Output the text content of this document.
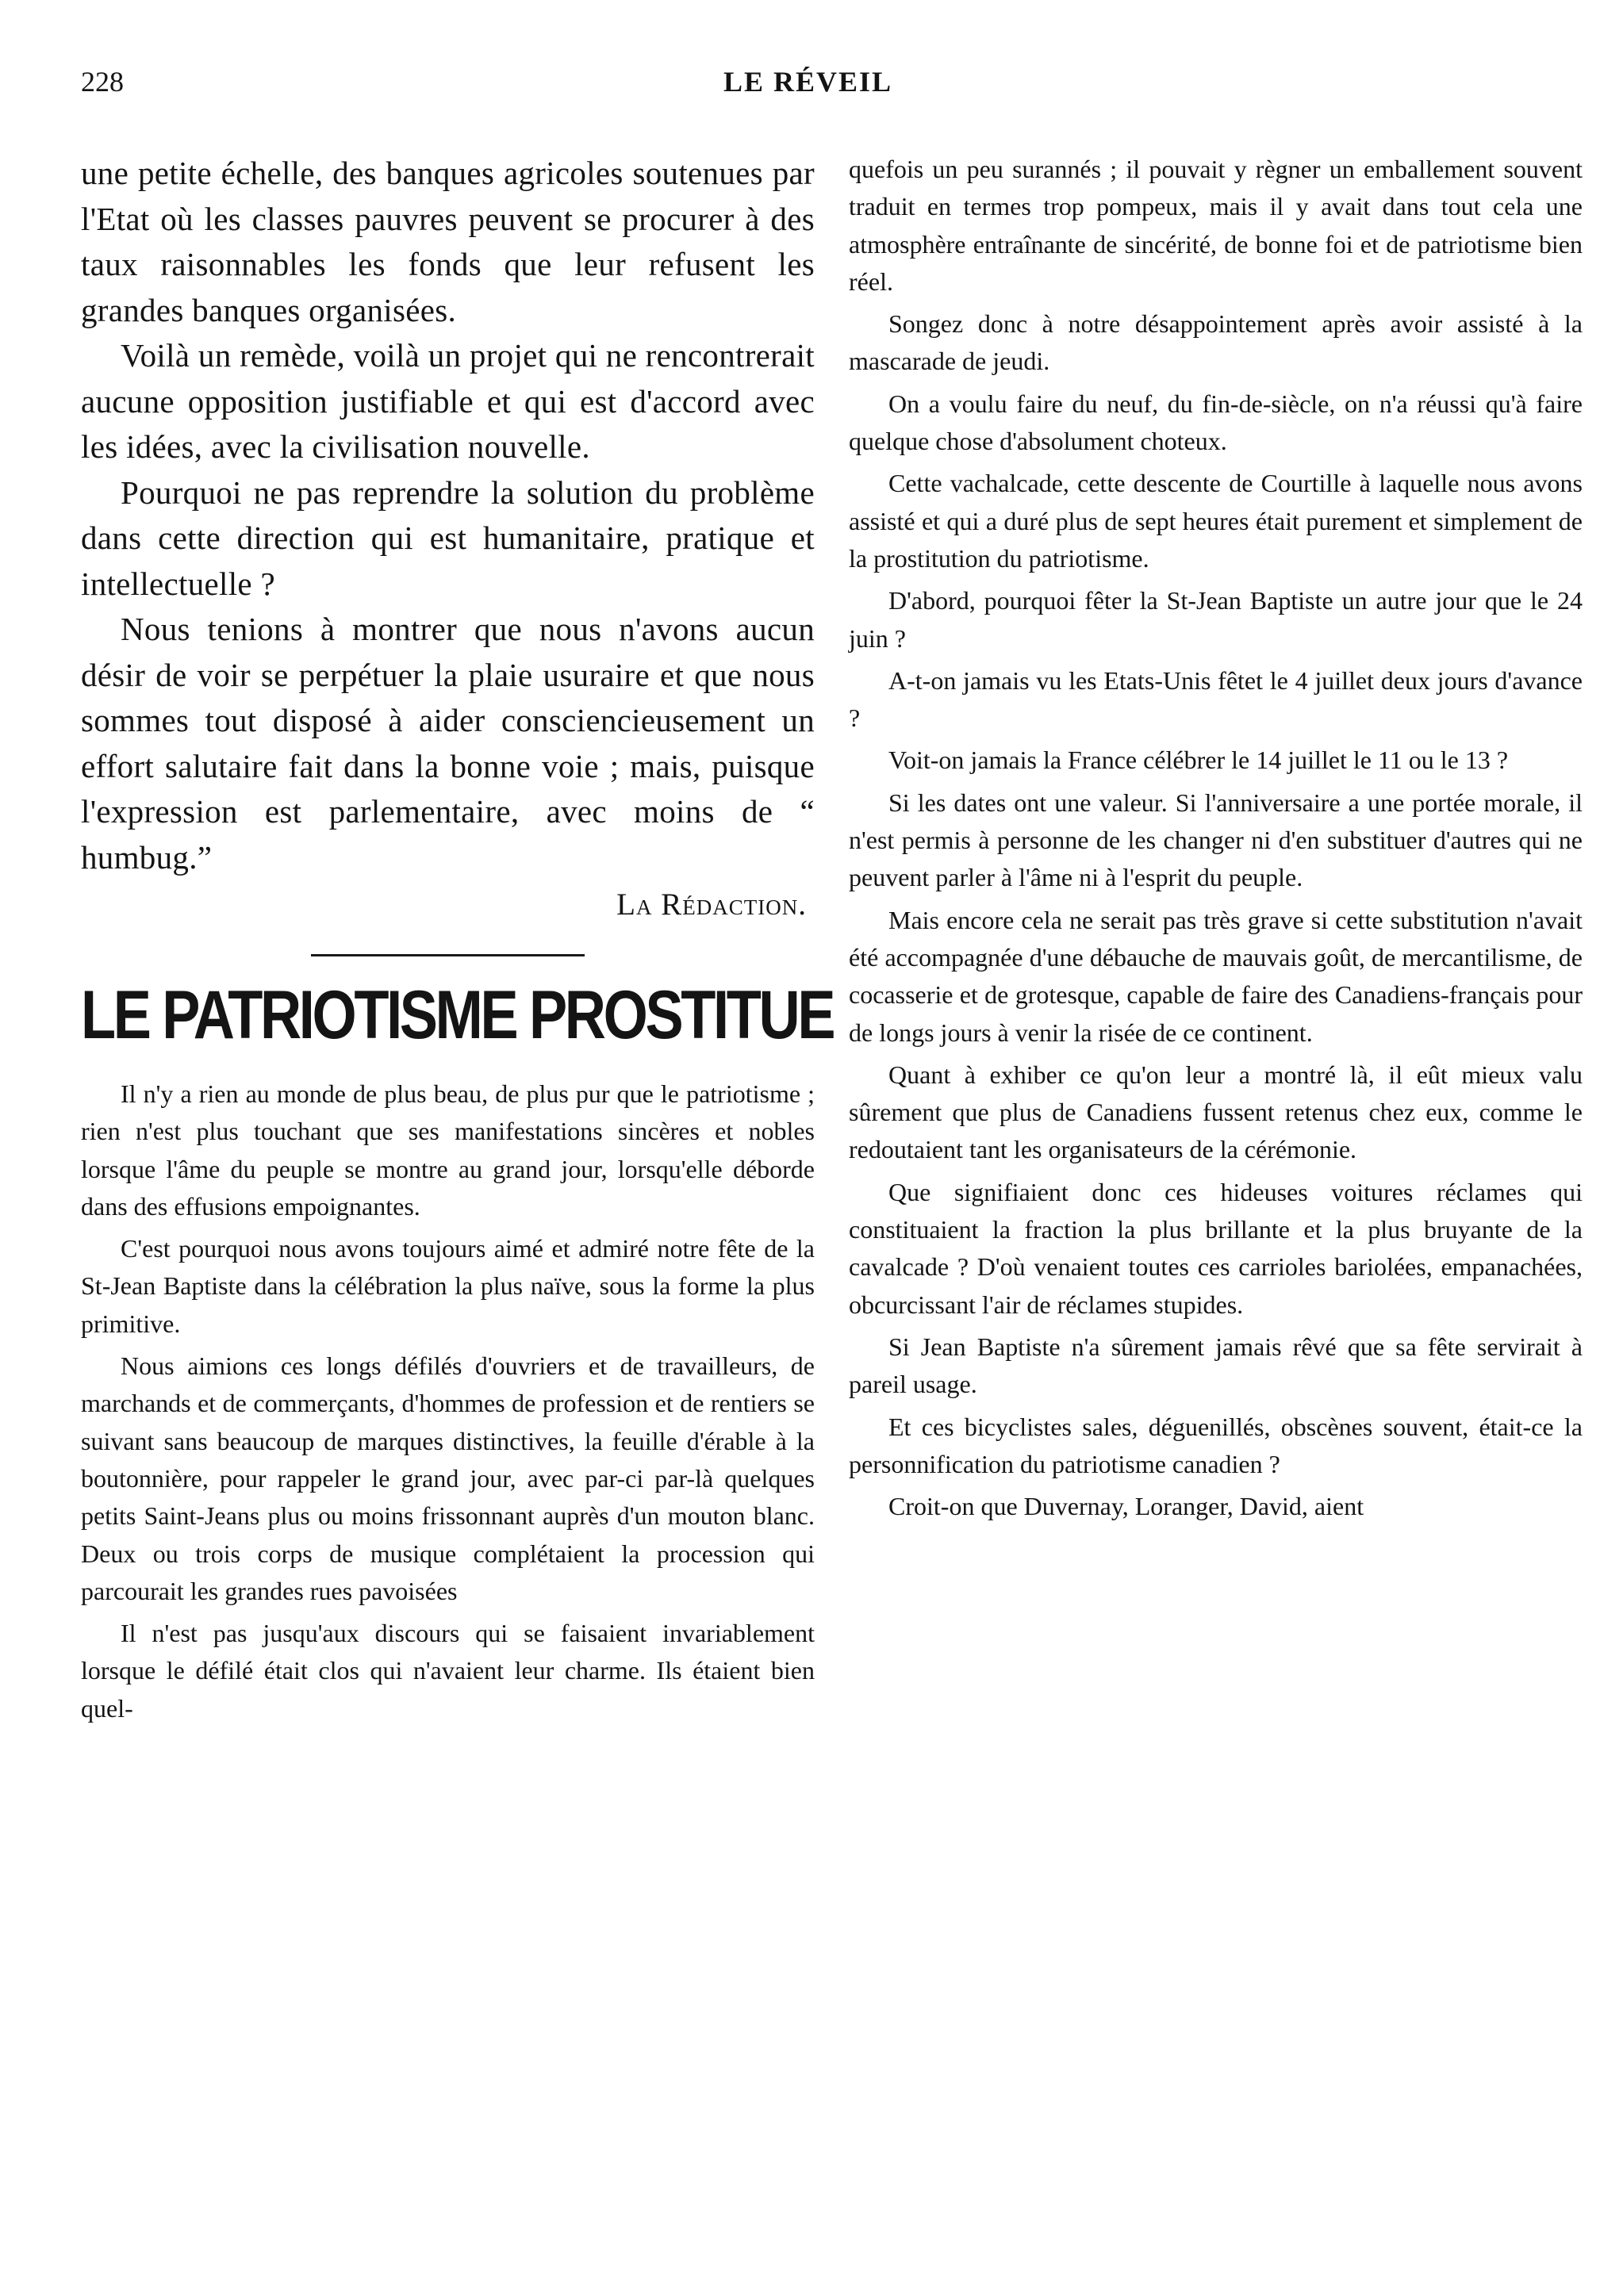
228	LE RÉVEIL

une petite échelle, des banques agricoles soutenues par l'Etat où les classes pauvres peuvent se procurer à des taux raisonnables les fonds que leur refusent les grandes banques organisées.

Voilà un remède, voilà un projet qui ne rencontrerait aucune opposition justifiable et qui est d'accord avec les idées, avec la civilisation nouvelle.

Pourquoi ne pas reprendre la solution du problème dans cette direction qui est humanitaire, pratique et intellectuelle ?

Nous tenions à montrer que nous n'avons aucun désir de voir se perpétuer la plaie usuraire et que nous sommes tout disposé à aider consciencieusement un effort salutaire fait dans la bonne voie ; mais, puisque l'expression est parlementaire, avec moins de “ humbug.”

La Rédaction.

LE PATRIOTISME PROSTITUE

Il n'y a rien au monde de plus beau, de plus pur que le patriotisme ; rien n'est plus touchant que ses manifestations sincères et nobles lorsque l'âme du peuple se montre au grand jour, lorsqu'elle déborde dans des effusions empoignantes.

C'est pourquoi nous avons toujours aimé et admiré notre fête de la St-Jean Baptiste dans la célébration la plus naïve, sous la forme la plus primitive.

Nous aimions ces longs défilés d'ouvriers et de travailleurs, de marchands et de commerçants, d'hommes de profession et de rentiers se suivant sans beaucoup de marques distinctives, la feuille d'érable à la boutonnière, pour rappeler le grand jour, avec par-ci par-là quelques petits Saint-Jeans plus ou moins frissonnant auprès d'un mouton blanc. Deux ou trois corps de musique complétaient la procession qui parcourait les grandes rues pavoisées

Il n'est pas jusqu'aux discours qui se faisaient invariablement lorsque le défilé était clos qui n'avaient leur charme. Ils étaient bien quel-

quefois un peu surannés ; il pouvait y règner un emballement souvent traduit en termes trop pompeux, mais il y avait dans tout cela une atmosphère entraînante de sincérité, de bonne foi et de patriotisme bien réel.

Songez donc à notre désappointement après avoir assisté à la mascarade de jeudi.

On a voulu faire du neuf, du fin-de-siècle, on n'a réussi qu'à faire quelque chose d'absolument choteux.

Cette vachalcade, cette descente de Courtille à laquelle nous avons assisté et qui a duré plus de sept heures était purement et simplement de la prostitution du patriotisme.

D'abord, pourquoi fêter la St-Jean Baptiste un autre jour que le 24 juin ?

A-t-on jamais vu les Etats-Unis fêtet le 4 juillet deux jours d'avance ?

Voit-on jamais la France célébrer le 14 juillet le 11 ou le 13 ?

Si les dates ont une valeur. Si l'anniversaire a une portée morale, il n'est permis à personne de les changer ni d'en substituer d'autres qui ne peuvent parler à l'âme ni à l'esprit du peuple.

Mais encore cela ne serait pas très grave si cette substitution n'avait été accompagnée d'une débauche de mauvais goût, de mercantilisme, de cocasserie et de grotesque, capable de faire des Canadiens-français pour de longs jours à venir la risée de ce continent.

Quant à exhiber ce qu'on leur a montré là, il eût mieux valu sûrement que plus de Canadiens fussent retenus chez eux, comme le redoutaient tant les organisateurs de la cérémonie.

Que signifiaient donc ces hideuses voitures réclames qui constituaient la fraction la plus brillante et la plus bruyante de la cavalcade ? D'où venaient toutes ces carrioles bariolées, empanachées, obcurcissant l'air de réclames stupides.

Si Jean Baptiste n'a sûrement jamais rêvé que sa fête servirait à pareil usage.

Et ces bicyclistes sales, déguenillés, obscènes souvent, était-ce la personnification du patriotisme canadien ?

Croit-on que Duvernay, Loranger, David, aient
